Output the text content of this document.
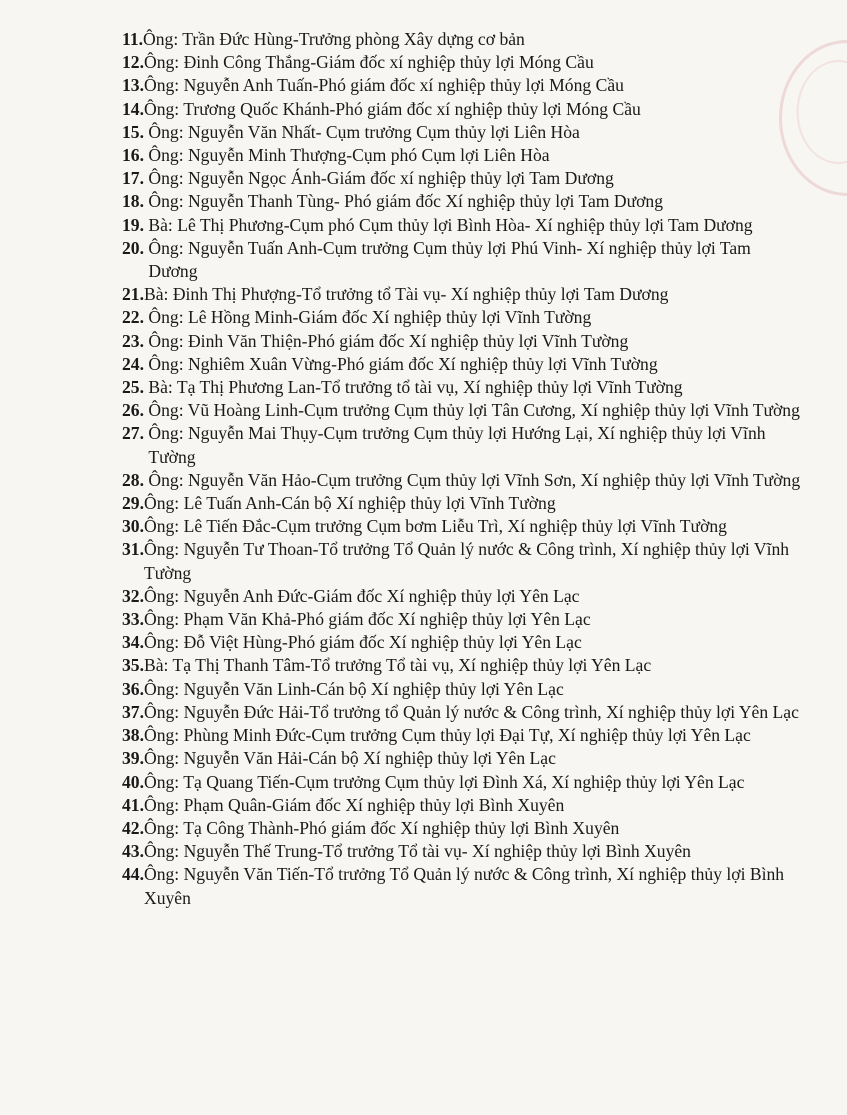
11. Ông: Trần Đức Hùng-Trưởng phòng Xây dựng cơ bản
12. Ông: Đinh Công Thắng-Giám đốc xí nghiệp thủy lợi Móng Cầu
13. Ông: Nguyễn Anh Tuấn-Phó giám đốc xí nghiệp thủy lợi Móng Cầu
14. Ông: Trương Quốc Khánh-Phó giám đốc xí nghiệp thủy lợi Móng Cầu
15. Ông: Nguyễn Văn Nhất- Cụm trưởng Cụm thủy lợi Liên Hòa
16. Ông: Nguyễn Minh Thượng-Cụm phó Cụm lợi Liên Hòa
17. Ông: Nguyễn Ngọc Ánh-Giám đốc xí nghiệp thủy lợi Tam Dương
18. Ông: Nguyễn Thanh Tùng- Phó giám đốc Xí nghiệp thủy lợi Tam Dương
19. Bà: Lê Thị Phương-Cụm phó Cụm thủy lợi Bình Hòa- Xí nghiệp thủy lợi Tam Dương
20. Ông: Nguyễn Tuấn Anh-Cụm trưởng Cụm thủy lợi Phú Vinh- Xí nghiệp thủy lợi Tam Dương
21. Bà: Đinh Thị Phượng-Tổ trưởng tổ Tài vụ- Xí nghiệp thủy lợi Tam Dương
22. Ông: Lê Hồng Minh-Giám đốc Xí nghiệp thủy lợi Vĩnh Tường
23. Ông: Đinh Văn Thiện-Phó giám đốc Xí nghiệp thủy lợi Vĩnh Tường
24. Ông: Nghiêm Xuân Vừng-Phó giám đốc Xí nghiệp thủy lợi Vĩnh Tường
25. Bà: Tạ Thị Phương Lan-Tổ trưởng tổ tài vụ, Xí nghiệp thủy lợi Vĩnh Tường
26. Ông: Vũ Hoàng Linh-Cụm trưởng Cụm thủy lợi Tân Cương, Xí nghiệp thủy lợi Vĩnh Tường
27. Ông: Nguyễn Mai Thụy-Cụm trưởng Cụm thủy lợi Hướng Lại, Xí nghiệp thủy lợi Vĩnh Tường
28. Ông: Nguyễn Văn Hảo-Cụm trưởng Cụm thủy lợi Vĩnh Sơn, Xí nghiệp thủy lợi Vĩnh Tường
29. Ông: Lê Tuấn Anh-Cán bộ Xí nghiệp thủy lợi Vĩnh Tường
30. Ông: Lê Tiến Đắc-Cụm trưởng Cụm bơm Liễu Trì, Xí nghiệp thủy lợi Vĩnh Tường
31. Ông: Nguyễn Tư Thoan-Tổ trưởng Tổ Quản lý nước & Công trình, Xí nghiệp thủy lợi Vĩnh Tường
32. Ông: Nguyễn Anh Đức-Giám đốc Xí nghiệp thủy lợi Yên Lạc
33. Ông: Phạm Văn Khả-Phó giám đốc Xí nghiệp thủy lợi Yên Lạc
34. Ông: Đỗ Việt Hùng-Phó giám đốc Xí nghiệp thủy lợi Yên Lạc
35. Bà: Tạ Thị Thanh Tâm-Tổ trưởng Tổ tài vụ, Xí nghiệp thủy lợi Yên Lạc
36. Ông: Nguyễn Văn Linh-Cán bộ Xí nghiệp thủy lợi Yên Lạc
37. Ông: Nguyễn Đức Hải-Tổ trưởng tổ Quản lý nước & Công trình, Xí nghiệp thủy lợi Yên Lạc
38. Ông: Phùng Minh Đức-Cụm trưởng Cụm thủy lợi Đại Tự, Xí nghiệp thủy lợi Yên Lạc
39. Ông: Nguyễn Văn Hải-Cán bộ Xí nghiệp thủy lợi Yên Lạc
40. Ông: Tạ Quang Tiến-Cụm trưởng Cụm thủy lợi Đình Xá, Xí nghiệp thủy lợi Yên Lạc
41. Ông: Phạm Quân-Giám đốc Xí nghiệp thủy lợi Bình Xuyên
42. Ông: Tạ Công Thành-Phó giám đốc Xí nghiệp thủy lợi Bình Xuyên
43. Ông: Nguyễn Thế Trung-Tổ trưởng Tổ tài vụ- Xí nghiệp thủy lợi Bình Xuyên
44. Ông: Nguyễn Văn Tiến-Tổ trưởng Tổ Quản lý nước & Công trình, Xí nghiệp thủy lợi Bình Xuyên
